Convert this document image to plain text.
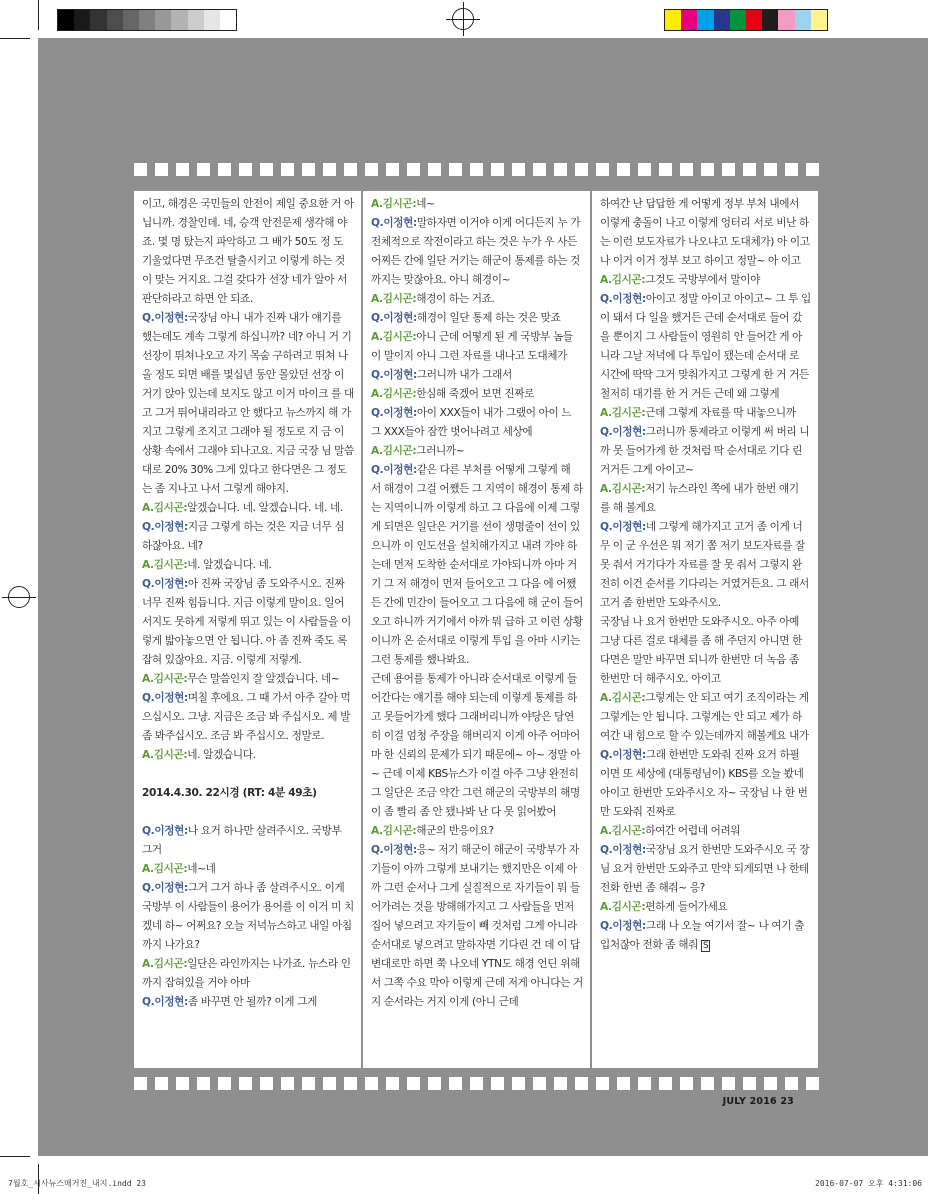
이고, 해경은 국민들의 안전이 제일 중요한 거 아닙니까. 경찰인데. 네, 승객 안전문제 생각해 야죠. 몇 명 탔는지 파악하고 그 배가 50도 정 도 기울었다면 무조건 탈출시키고 이렇게 하는 것이 맞는 거지요. 그걸 갖다가 선장 네가 알아 서 판단하라고 하면 안 되죠.

Q.이정현:국장님 아니 내가 진짜 내가 얘기를 했는데도 계속 그렇게 하십니까? 네? 아니 거 기 선장이 뛰쳐나오고 자기 목숨 구하려고 뛰쳐 나올 정도 되면 배를 몇십년 동안 몰았던 선장 이 거기 앉아 있는데 보지도 않고 이거 마이크 를 대고 그거 뛰어내리라고 안 했다고 뉴스까지 해 가지고 그렇게 조지고 그래야 될 정도로 지 금 이 상황 속에서 그래야 되나고요. 지금 국장 님 말씀대로 20% 30% 그게 있다고 한다면은 그 정도는 좀 지나고 나서 그렇게 해야지.

A.김시곤:알겠습니다. 네. 알겠습니다. 네. 네.

Q.이정현:지금 그렇게 하는 것은 지금 너무 심 하잖아요. 네?

A.김시곤:네. 알겠습니다. 네.

Q.이정현:아 진짜 국장님 좀 도와주시오. 진짜 너무 진짜 힘듭니다. 지금 이렇게 말이요. 일어 서지도 못하게 저렇게 뛰고 있는 이 사람들을 이렇게 밟아놓으면 안 됩니다. 아 좀 진짜 죽도 록 잡혀 있잖아요. 지금. 이렇게 저렇게.

A.김시곤:무슨 말씀인지 잘 알겠습니다. 네~

Q.이정현:며칠 후에요. 그 때 가서 아주 갈아 먹으십시오. 그냥. 지금은 조금 봐 주십시오. 제 발 좀 봐주십시오. 조금 봐 주십시오. 정말로.

A.김시곤:네. 알겠습니다.

2014.4.30. 22시경 (RT: 4분 49초)

Q.이정현:나 요거 하나만 살려주시오. 국방부 그거

A.김시곤:네~네

Q.이정현:그거 그거 하나 좀 살려주시오. 이게 국방부 이 사람들이 용어가 용어를 이 이거 미 치겠네 하~ 어쩌요? 오늘 저녁뉴스하고 내일 아침까지 나가요?

A.김시곤:일단은 라인까지는 나가죠. 뉴스라 인까지 잡혀있을 거야 아마

Q.이정현:좀 바꾸면 안 될까? 이게 그게

A.김시곤:네~

Q.이정현:말하자면 이거야 이게 어디든지 누 가 전체적으로 작전이라고 하는 것은 누가 우 사든 어찌든 간에 일단 거기는 해군이 통제를 하는 것까지는 맞잖아요. 아니 해경이~

A.김시곤:해경이 하는 거죠.

Q.이정현:해경이 일단 통제 하는 것은 맞죠

A.김시곤:아니 근데 어떻게 된 게 국방부 놈들 이 말이지 아니 그런 자료를 내나고 도대체가

Q.이정현:그러니까 내가 그래서

A.김시곤:한심해 죽겠어 보면 진짜로

Q.이정현:아이 XXX들이 내가 그랬어 아이 느 그 XXX들아 잠깐 벗어나려고 세상에

A.김시곤:그러니까~

Q.이정현:같은 다른 부처를 어떻게 그렇게 해 서 해경이 그걸 어쨌든 그 지역이 해경이 통제 하는 지역이니까 이렇게 하고 그 다음에 이제 그렇게 되면은 일단은 거기를 선이 생명줄이 선이 있으니까 이 인도선을 설치해가지고 내려 가야 하는데 먼저 도착한 순서대로 가야되니까 아마 거기 그 저 해경이 먼저 들어오고 그 다음 에 어쨌든 간에 민간이 들어오고 그 다음에 해 군이 들어오고 하니까 거기에서 아까 뭐 급하 고 이런 상황이니까 온 순서대로 이렇게 투입 을 아마 시키는 그런 통제를 했나봐요.

근데 용어를 통제가 아니라 순서대로 이렇게 들 어간다는 얘기를 해야 되는데 이렇게 통제를 하 고 못들어가게 했다 그래버리니까 야당은 당연히 이걸 엄청 주장을 해버리지 이게 아주 어마어마 한 신뢰의 문제가 되기 때문에~ 아~ 정말 아~ 근데 이제 KBS뉴스가 이걸 아주 그냥 완전히 그 일단은 조금 약간 그런 해군의 국방부의 해명이 좀 빨리 좀 안 됐나봐 난 다 못 읽어봤어

A.김시곤:해군의 반응이요?

Q.이정현:응~ 저기 해군이 해군이 국방부가 자기들이 아까 그렇게 보내기는 했지만은 이제 아까 그런 순서나 그게 실질적으로 자기들이 뭐 들어가려는 것을 방해해가지고 그 사람들을 먼저 집어 넣으려고 자기들이 빼 것처럼 그게 아니라 순서대로 넣으려고 말하자면 기다린 건 데 이 답변대로만 하면 쭉 나오네 YTN도 해경 언딘 위해서 그쪽 수요 막아 이렇게 근데 저게 아니다는 거지 순서라는 거지 이게 (아니 근데

하여간 난 답답한 게 어떻게 정부 부처 내에서 이렇게 충돌이 나고 이렇게 엉터리 서로 비난 하는 이런 보도자료가 나오냐고 도대체가) 아 이고 나 이거 이거 정부 보고 하이고 정말~ 아 이고

A.김시곤:그것도 국방부에서 말이야

Q.이정현:아이고 정말 아이고 아이고~ 그 투 입이 돼서 다 일을 했거든 근데 순서대로 들어 갔을 뿐이지 그 사람들이 영원히 안 들어간 게 아니라 그날 저녁에 다 투입이 됐는데 순서대 로 시간에 딱딱 그거 맞춰가지고 그렇게 한 거 거든 철저히 대기를 한 거 거든 근데 왜 그렇게

A.김시곤:근데 그렇게 자료를 딱 내놓으니까

Q.이정현:그러니까 통제라고 이렇게 써 버리 니까 못 들어가게 한 것처럼 딱 순서대로 기다 린거거든 그게 아이고~

A.김시곤:저기 뉴스라인 쪽에 내가 한번 얘기 를 해 볼게요

Q.이정현:네 그렇게 해가지고 고거 좀 이게 너 무 이 군 우선은 뭐 저기 쫌 저기 보도자료를 잘 못 줘서 거기다가 자료를 잘 못 줘서 그렇지 완전히 이건 순서를 기다리는 거였거든요. 그 래서 고거 좀 한번만 도와주시오.

국장님 나 요거 한번만 도와주시오. 아주 아예 그냥 다른 걸로 대체를 좀 해 주던지 아니면 한다면은 말만 바꾸면 되니까 한번만 더 녹음 좀 한번만 더 해주시오. 아이고

A.김시곤:그렇게는 안 되고 여기 조직이라는 게 그렇게는 안 됩니다. 그렇게는 안 되고 제가 하여간 내 힘으로 할 수 있는데까지 해볼게요 내가

Q.이정현:그래 한번만 도와줘 진짜 요거 하필 이면 또 세상에 (대통령님이) KBS를 오늘 봤네 아이고 한번만 도와주시오 자~ 국장님 나 한 번만 도와줘 진짜로

A.김시곤:하여간 어렵네 어려워

Q.이정현:국장님 요거 한번만 도와주시오 국 장님 요거 한번만 도와주고 만약 되게되면 나 한테 전화 한번 좀 해줘~ 응?

A.김시곤:편하게 들어가세요

Q.이정현:그래 나 오늘 여기서 잘~ 나 여기 출입처잖아 전화 좀 해줘 S

JULY 2016 23
7월호_시사뉴스매거진_내지.indd 23	2016-07-07 오후 4:31:06
